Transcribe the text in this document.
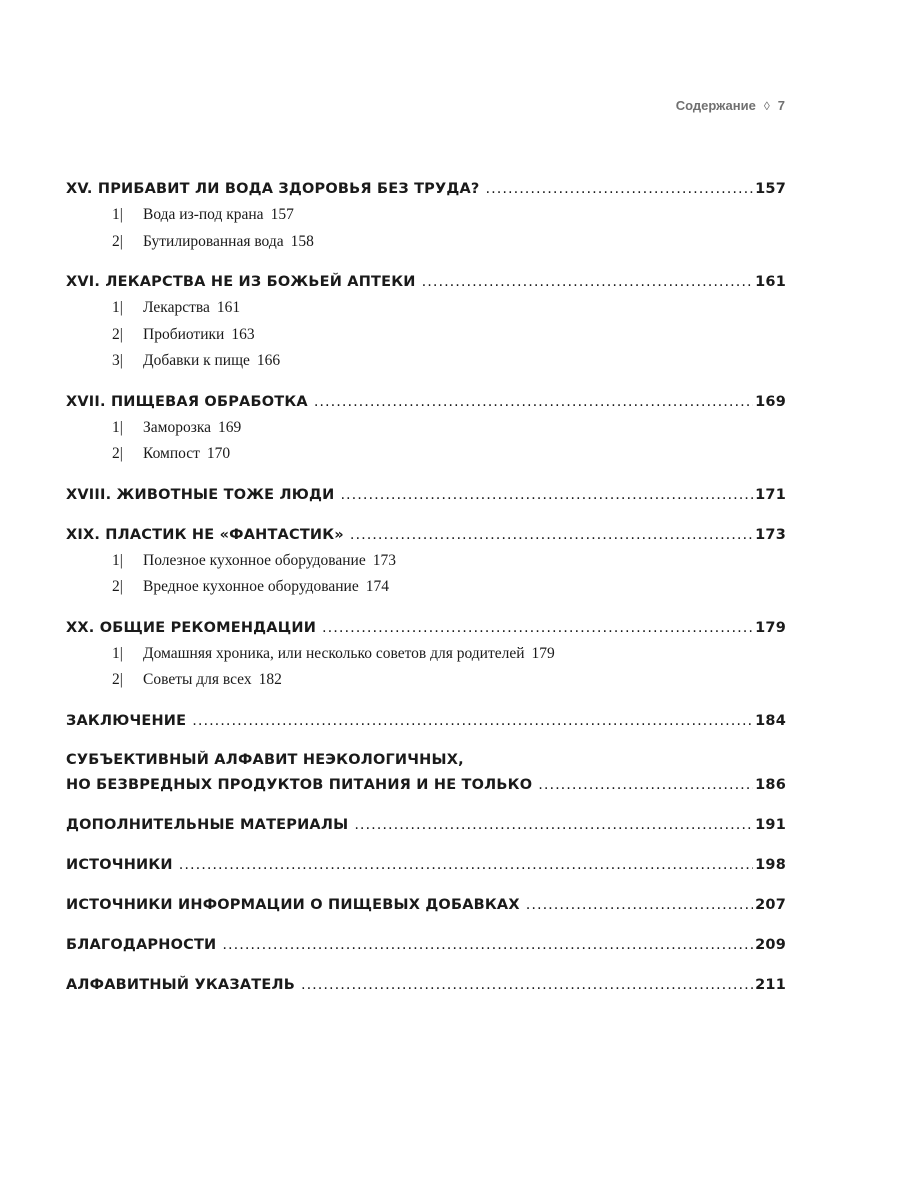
Содержание ◊ 7
XV. ПРИБАВИТ ЛИ ВОДА ЗДОРОВЬЯ БЕЗ ТРУДА? .....	157
1|	Вода из-под крана 157
2|	Бутилированная вода 158
XVI. ЛЕКАРСТВА НЕ ИЗ БОЖЬЕЙ АПТЕКИ .....	161
1|	Лекарства 161
2|	Пробиотики 163
3|	Добавки к пище 166
XVII. ПИЩЕВАЯ ОБРАБОТКА .....	169
1|	Заморозка 169
2|	Компост 170
XVIII. ЖИВОТНЫЕ ТОЖЕ ЛЮДИ .....	171
XIX. ПЛАСТИК НЕ «ФАНТАСТИК» .....	173
1|	Полезное кухонное оборудование 173
2|	Вредное кухонное оборудование 174
XX. ОБЩИЕ РЕКОМЕНДАЦИИ .....	179
1|	Домашняя хроника, или несколько советов для родителей 179
2|	Советы для всех 182
ЗАКЛЮЧЕНИЕ .....	184
СУБЪЕКТИВНЫЙ АЛФАВИТ НЕЭКОЛОГИЧНЫХ,
НО БЕЗВРЕДНЫХ ПРОДУКТОВ ПИТАНИЯ И НЕ ТОЛЬКО .....	186
ДОПОЛНИТЕЛЬНЫЕ МАТЕРИАЛЫ .....	191
ИСТОЧНИКИ .....	198
ИСТОЧНИКИ ИНФОРМАЦИИ О ПИЩЕВЫХ ДОБАВКАХ .....	207
БЛАГОДАРНОСТИ .....	209
АЛФАВИТНЫЙ УКАЗАТЕЛЬ .....	211
